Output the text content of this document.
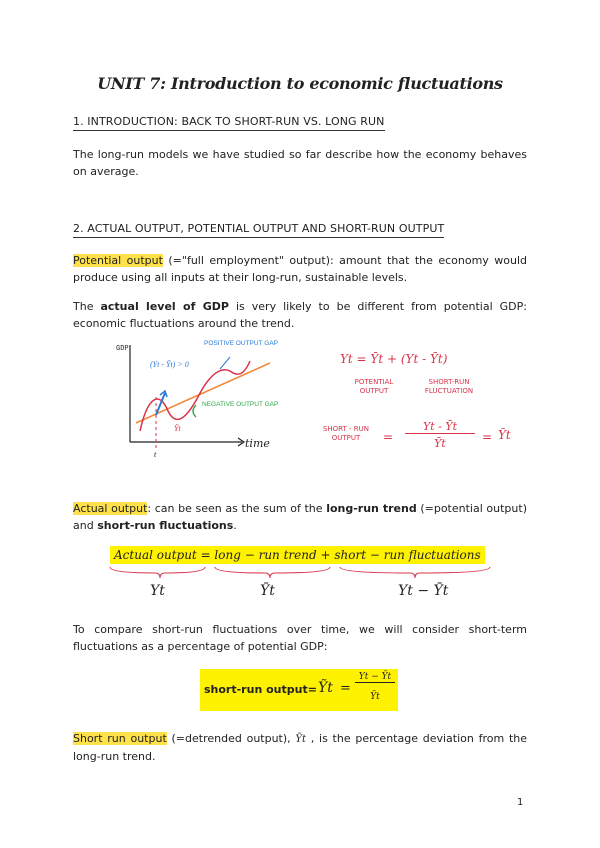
UNIT 7: Introduction to economic fluctuations
1. INTRODUCTION: BACK TO SHORT-RUN VS. LONG RUN
The long-run models we have studied so far describe how the economy behaves on average.
2. ACTUAL OUTPUT, POTENTIAL OUTPUT AND SHORT-RUN OUTPUT
Potential output (="full employment" output): amount that the economy would produce using all inputs at their long-run, sustainable levels.
The actual level of GDP is very likely to be different from potential GDP: economic fluctuations around the trend.
GDP
t
Ȳt
(Yt - Ȳt) > 0
POSITIVE OUTPUT GAP
NEGATIVE OUTPUT GAP
time
Yt = Ȳt + (Yt - Ȳt)
POTENTIAL OUTPUT
SHORT-RUN FLUCTUATION
SHORT - RUN OUTPUT	=
Yt - Ȳt
Ȳt	= Ỹt
Actual output: can be seen as the sum of the long-run trend (=potential output) and short-run fluctuations.
Actual output = long − run trend + short − run fluctuations
Yt	Ȳt	Yt − Ȳt
To compare short-run fluctuations over time, we will consider short-term fluctuations as a percentage of potential GDP:
short-run output= Ỹt =
Yt − Ȳt
Ȳt
Short run output (=detrended output), Ỹt , is the percentage deviation from the long-run trend.
1
